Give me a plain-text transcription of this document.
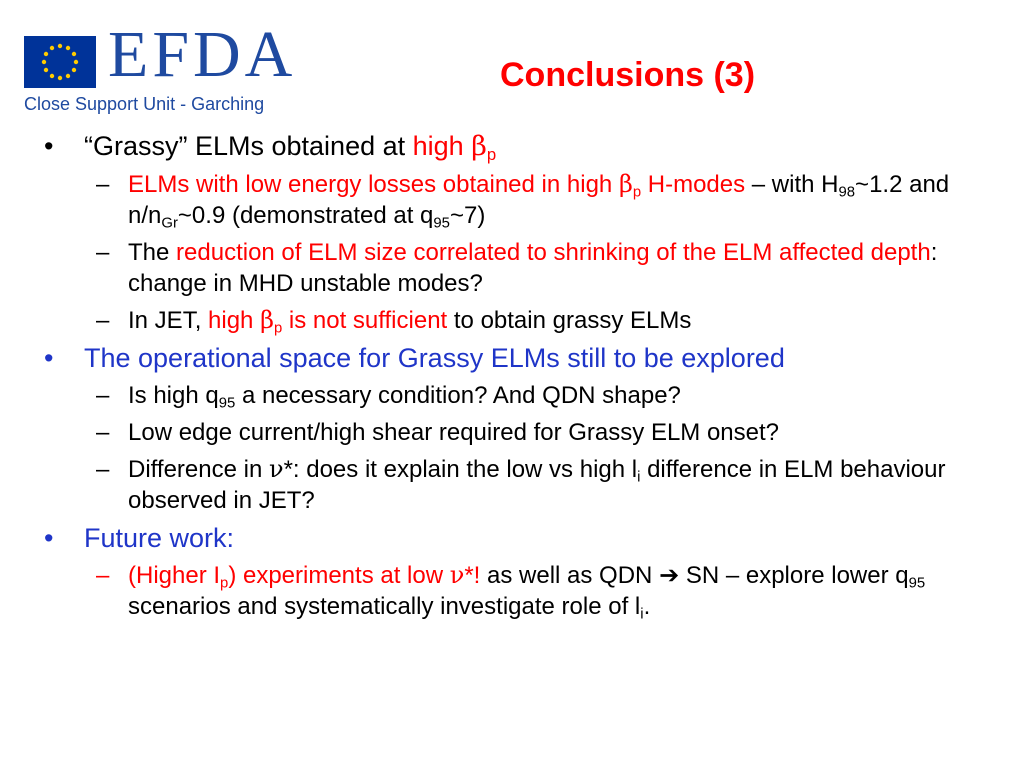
EFDA
Close Support Unit - Garching
Conclusions (3)
• “Grassy” ELMs obtained at high $\beta_p$
– ELMs with low energy losses obtained in high $\beta_p$ H-modes – with $H_{98}\sim 1.2$ and $n/n_{Gr}\sim 0.9$ (demonstrated at $q_{95}\sim 7$)
– The reduction of ELM size correlated to shrinking of the ELM affected depth: change in MHD unstable modes?
– In JET, high $\beta_p$ is not sufficient to obtain grassy ELMs
• The operational space for Grassy ELMs still to be explored
– Is high $q_{95}$ a necessary condition? And QDN shape?
– Low edge current/high shear required for Grassy ELM onset?
– Difference in ν*: does it explain the low vs high $l_i$ difference in ELM behaviour observed in JET?
• Future work:
– (Higher $I_p$) experiments at low ν*! as well as QDN ➔ SN – explore lower $q_{95}$ scenarios and systematically investigate role of $l_i$.
